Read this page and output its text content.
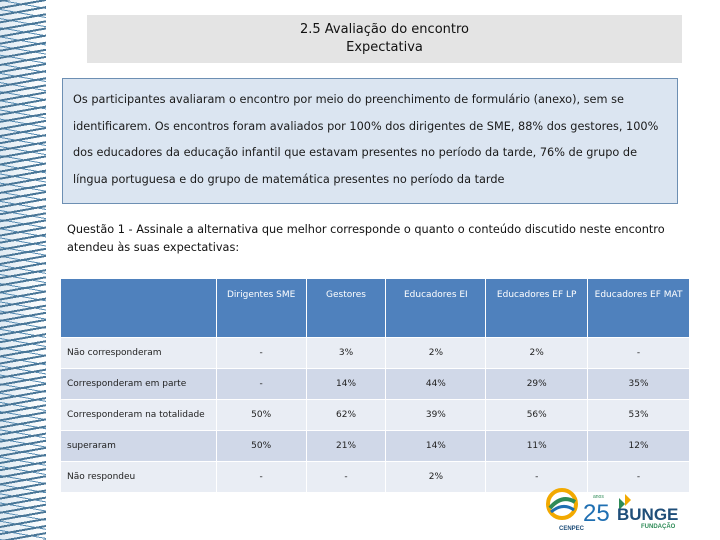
2.5 Avaliação do encontro
Expectativa
Os participantes avaliaram o encontro por meio do preenchimento de formulário (anexo), sem se identificarem. Os encontros foram avaliados por 100% dos dirigentes de SME, 88% dos gestores, 100% dos educadores da educação infantil que estavam presentes no período da tarde, 76% de grupo de língua portuguesa e do grupo de matemática presentes no período da tarde
Questão 1 - Assinale a alternativa que melhor corresponde o quanto o conteúdo discutido neste encontro atendeu às suas expectativas:
	Dirigentes SME	Gestores	Educadores EI	Educadores EF LP	Educadores EF MAT
Não corresponderam	-	3%	2%	2%	-
Corresponderam em parte	-	14%	44%	29%	35%
Corresponderam na totalidade	50%	62%	39%	56%	53%
superaram	50%	21%	14%	11%	12%
Não respondeu	-	-	2%	-	-
CENPEC
25
anos
BUNGE
FUNDAÇÃO
